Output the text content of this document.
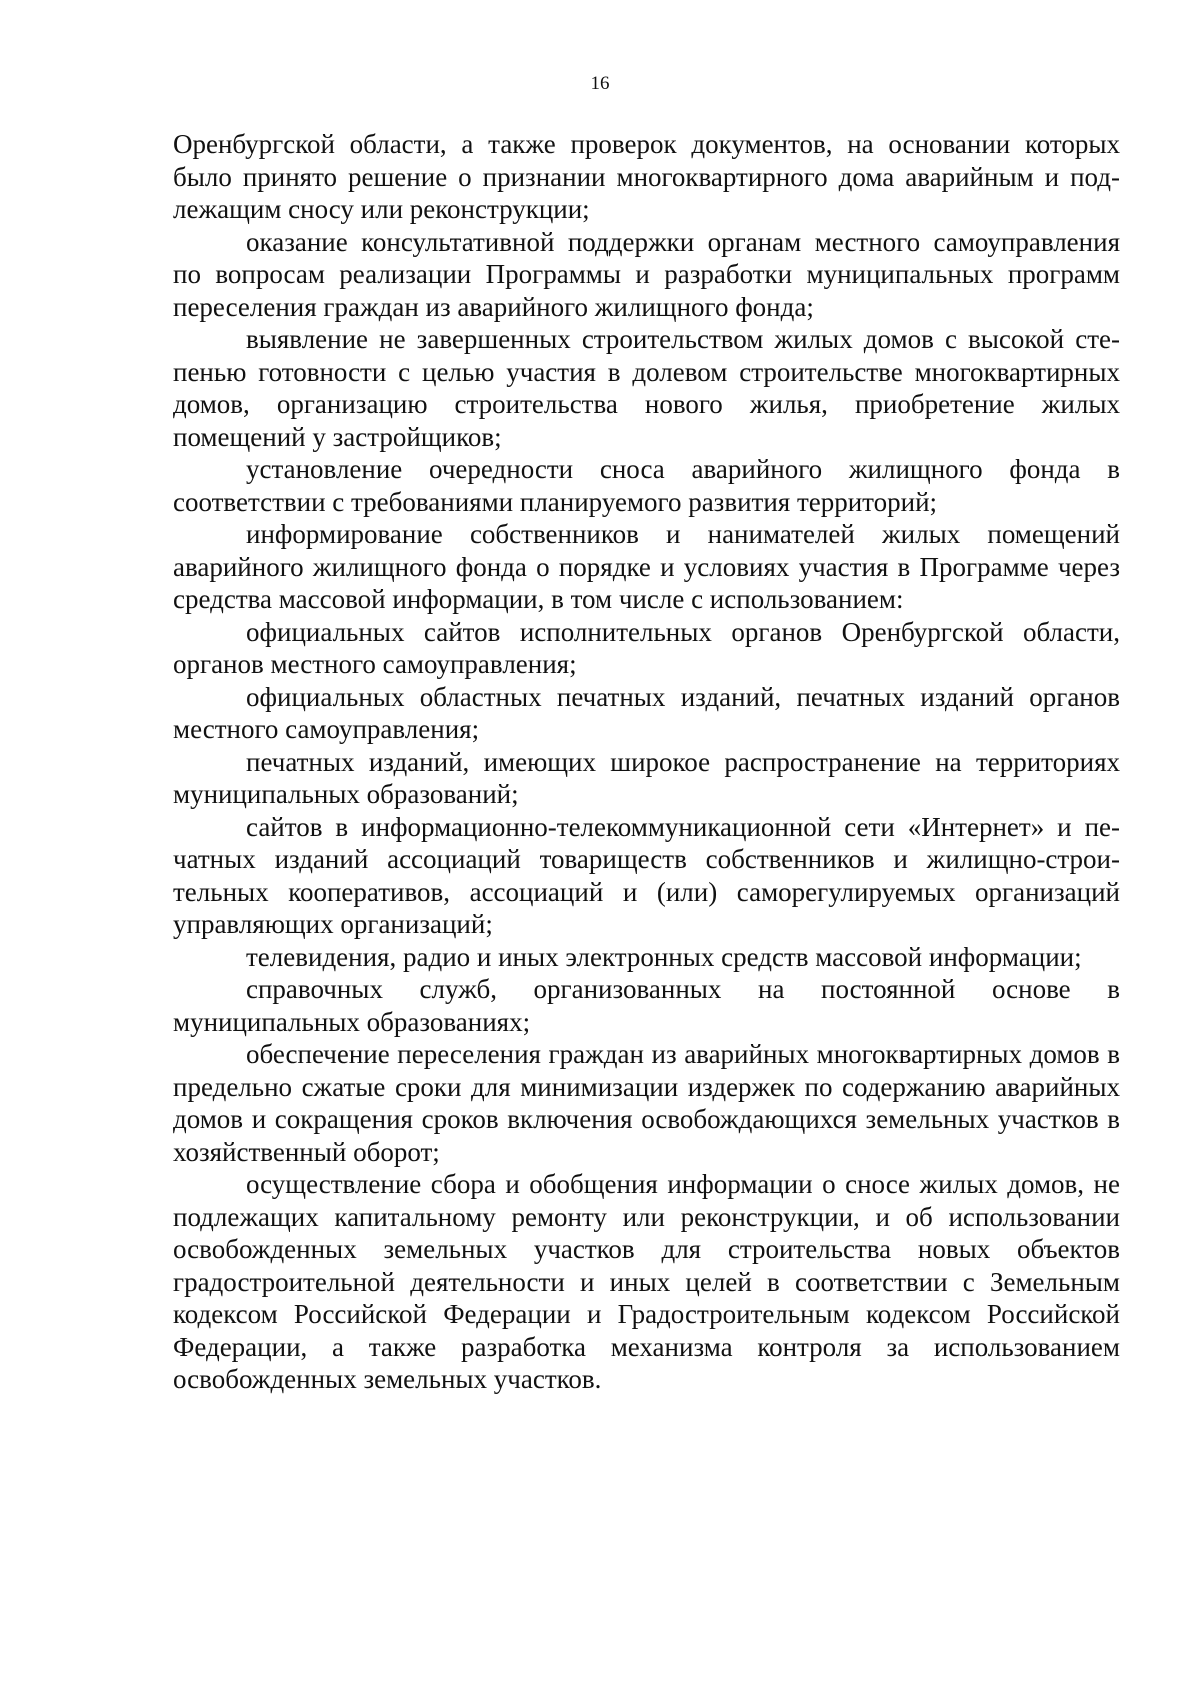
16

Оренбургской области, а также проверок документов, на основании которых было принято решение о признании многоквартирного дома аварийным и подлежащим сносу или реконструкции;

оказание консультативной поддержки органам местного самоуправления по вопросам реализации Программы и разработки муниципальных программ переселения граждан из аварийного жилищного фонда;

выявление не завершенных строительством жилых домов с высокой степенью готовности с целью участия в долевом строительстве многоквартирных домов, организацию строительства нового жилья, приобретение жилых помещений у застройщиков;

установление очередности сноса аварийного жилищного фонда в соответствии с требованиями планируемого развития территорий;

информирование собственников и нанимателей жилых помещений аварийного жилищного фонда о порядке и условиях участия в Программе через средства массовой информации, в том числе с использованием:

официальных сайтов исполнительных органов Оренбургской области, органов местного самоуправления;

официальных областных печатных изданий, печатных изданий органов местного самоуправления;

печатных изданий, имеющих широкое распространение на территориях муниципальных образований;

сайтов в информационно-телекоммуникационной сети «Интернет» и печатных изданий ассоциаций товариществ собственников и жилищно-строительных кооперативов, ассоциаций и (или) саморегулируемых организаций управляющих организаций;

телевидения, радио и иных электронных средств массовой информации;

справочных служб, организованных на постоянной основе в муниципальных образованиях;

обеспечение переселения граждан из аварийных многоквартирных домов в предельно сжатые сроки для минимизации издержек по содержанию аварийных домов и сокращения сроков включения освобождающихся земельных участков в хозяйственный оборот;

осуществление сбора и обобщения информации о сносе жилых домов, не подлежащих капитальному ремонту или реконструкции, и об использовании освобожденных земельных участков для строительства новых объектов градостроительной деятельности и иных целей в соответствии с Земельным кодексом Российской Федерации и Градостроительным кодексом Российской Федерации, а также разработка механизма контроля за использованием освобожденных земельных участков.
